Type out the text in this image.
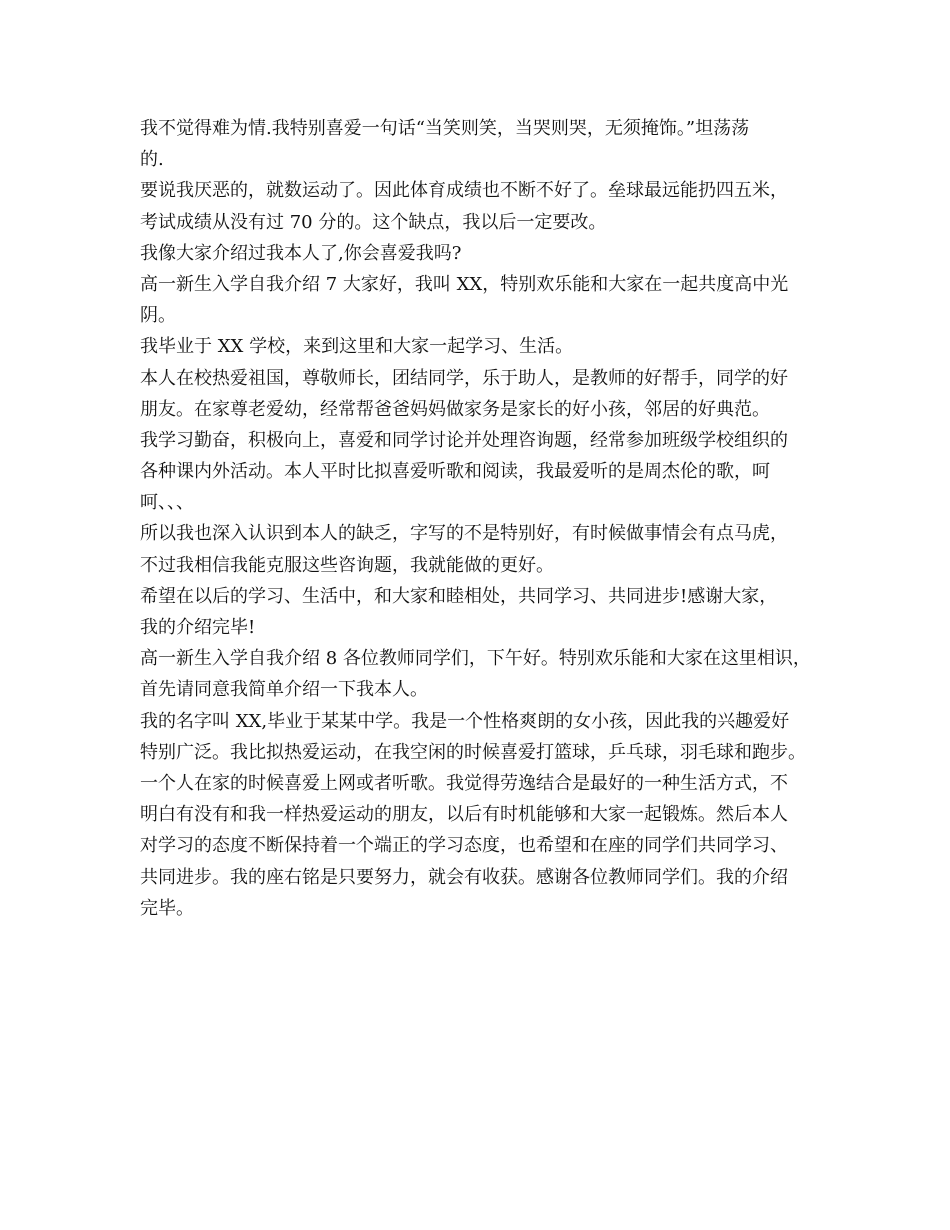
我不觉得难为情.我特别喜爱一句话“当笑则笑，当哭则哭，无须掩饰。”坦荡荡
的.
要说我厌恶的，就数运动了。因此体育成绩也不断不好了。垒球最远能扔四五米，
考试成绩从没有过 70 分的。这个缺点，我以后一定要改。
我像大家介绍过我本人了,你会喜爱我吗?
高一新生入学自我介绍 7 大家好，我叫 XX，特别欢乐能和大家在一起共度高中光
阴。
我毕业于 XX 学校，来到这里和大家一起学习、生活。
本人在校热爱祖国，尊敬师长，团结同学，乐于助人，是教师的好帮手，同学的好
朋友。在家尊老爱幼，经常帮爸爸妈妈做家务是家长的好小孩，邻居的好典范。
我学习勤奋，积极向上，喜爱和同学讨论并处理咨询题，经常参加班级学校组织的
各种课内外活动。本人平时比拟喜爱听歌和阅读，我最爱听的是周杰伦的歌，呵
呵、、、
所以我也深入认识到本人的缺乏，字写的不是特别好，有时候做事情会有点马虎，
不过我相信我能克服这些咨询题，我就能做的更好。
希望在以后的学习、生活中，和大家和睦相处，共同学习、共同进步!感谢大家，
我的介绍完毕!
高一新生入学自我介绍 8 各位教师同学们，下午好。特别欢乐能和大家在这里相识，
首先请同意我简单介绍一下我本人。
我的名字叫 XX,毕业于某某中学。我是一个性格爽朗的女小孩，因此我的兴趣爱好
特别广泛。我比拟热爱运动，在我空闲的时候喜爱打篮球，乒乓球，羽毛球和跑步。
一个人在家的时候喜爱上网或者听歌。我觉得劳逸结合是最好的一种生活方式，不
明白有没有和我一样热爱运动的朋友，以后有时机能够和大家一起锻炼。然后本人
对学习的态度不断保持着一个端正的学习态度，也希望和在座的同学们共同学习、
共同进步。我的座右铭是只要努力，就会有收获。感谢各位教师同学们。我的介绍
完毕。
